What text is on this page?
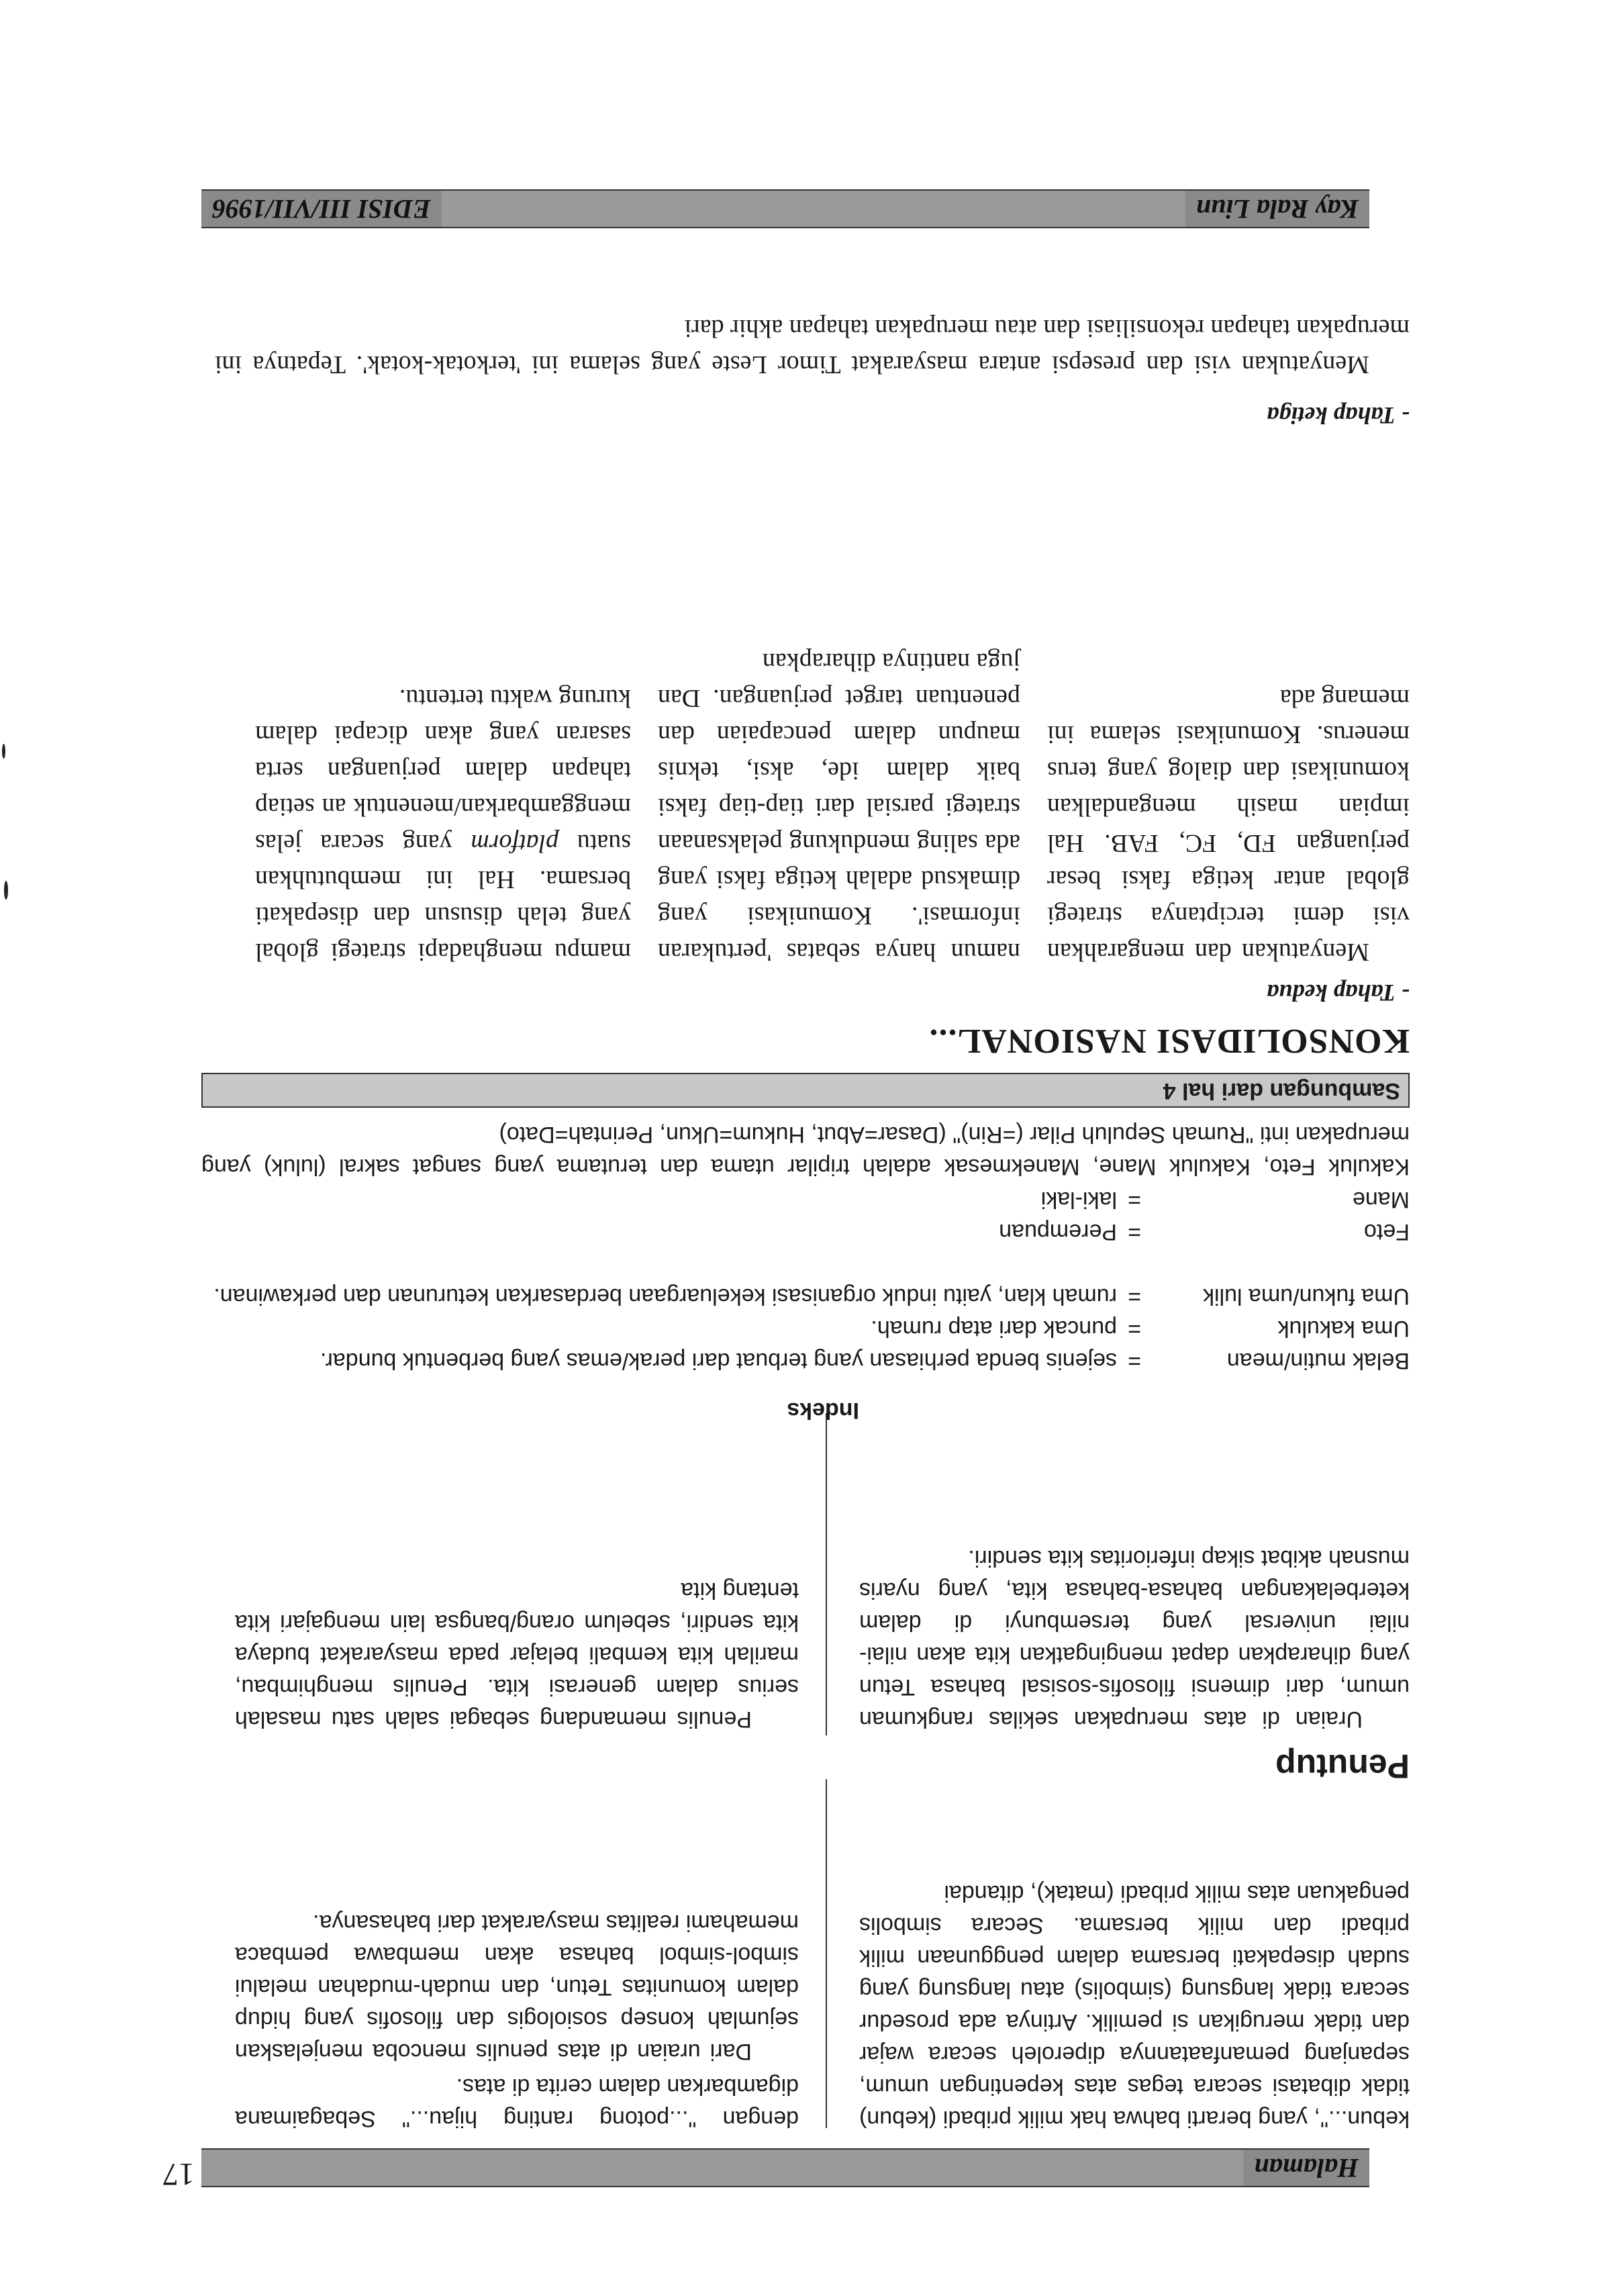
Halaman
17

kebun...", yang berarti bahwa hak milik pribadi (kebun) tidak dibatasi secara tegas atas kepentingan umum, sepanjang pemanfaatannya diperoleh secara wajar dan tidak merugikan si pemilik. Artinya ada prosedur secara tidak langsung (simbolis) atau langsung yang sudah disepakati bersama dalam penggunaan milik pribadi dan milik bersama. Secara simbolis pengakuan atas milik pribadi (matak), ditandai

dengan "...potong ranting hijau..." Sebagaimana digambarkan dalam cerita di atas.

Dari uraian di atas penulis mencoba menjelaskan sejumlah konsep sosiologis dan filosofis yang hidup dalam komunitas Tetun, dan mudah-mudahan melalui simbol-simbol bahasa akan membawa pembaca memahami realitas masyarakat dari bahasanya.

Penutup

Uraian di atas merupakan sekilas rangkuman umum, dari dimensi filosofis-sosisal bahasa Tetun yang diharapkan dapat mengingatkan kita akan nilai-nilai universal yang tersembunyi di dalam keterbelakangan bahasa-bahasa kita, yang nyaris musnah akibat sikap inferioritas kita sendiri.

Penulis memandang sebagai salah satu masalah serius dalam generasi kita. Penulis menghimbau, marilah kita kembali belajar pada masyarakat budaya kita sendiri, sebelum orang/bangsa lain mengajari kita tentang kita

Indeks
Belak mutin/mean=sejenis benda perhiasan yang terbuat dari perak/emas yang berbentuk bundar.
Uma kakuluk=puncak dari atap rumah.
Uma fukun/uma lulik=rumah klan, yaitu induk organisasi kekeluargaan berdasarkan keturunan dan perkawinan.
Feto=Perempuan
Mane=laki-laki

Kakuluk Feto, Kakuluk Mane, Manekmesak adalah tripilar utama dan terutama yang sangat sakral (luluk) yang merupakan inti "Rumah Sepuluh Pilar (=Rin)" (Dasar=Abut, Hukum=Ukun, Perintah=Dato)

Sambungan dari hal 4
KONSOLIDASI NASIONAL...
- Tahap kedua

Menyatukan dan mengarahkan visi demi terciptanya strategi global antar ketiga faksi besar perjuangan FD, FC, FAB. Hal impian masih mengandalkan komunikasi dan dialog yang terus menerus. Komunikasi selama ini memang ada

namun hanya sebatas 'pertukaran informasi'. Komunikasi yang dimaksud adalah ketiga faksi yang ada saling mendukung pelaksanaan strategi parsial dari tiap-tiap faksi baik dalam ide, aksi, teknis maupun dalam pencapaian dan penentuan target perjuangan. Dan juga nantinya diharapkan

mampu menghadapi strategi global yang telah disusun dan disepakati bersama. Hal ini membutuhkan suatu platform yang secara jelas menggambarkan/menentuk an setiap tahapan dalam perjuangan serta sasaran yang akan dicapai dalam kurung waktu tertentu.

- Tahap ketiga

Menyatukan visi dan presepsi antara masyarakat Timor Leste yang selama ini 'terkotak-kotak'. Tepatnya ini merupakan tahapan rekonsiliasi dan atau merupakan tahapan akhir dari

Kay Rala Liun
EDISI III/VII/1996
